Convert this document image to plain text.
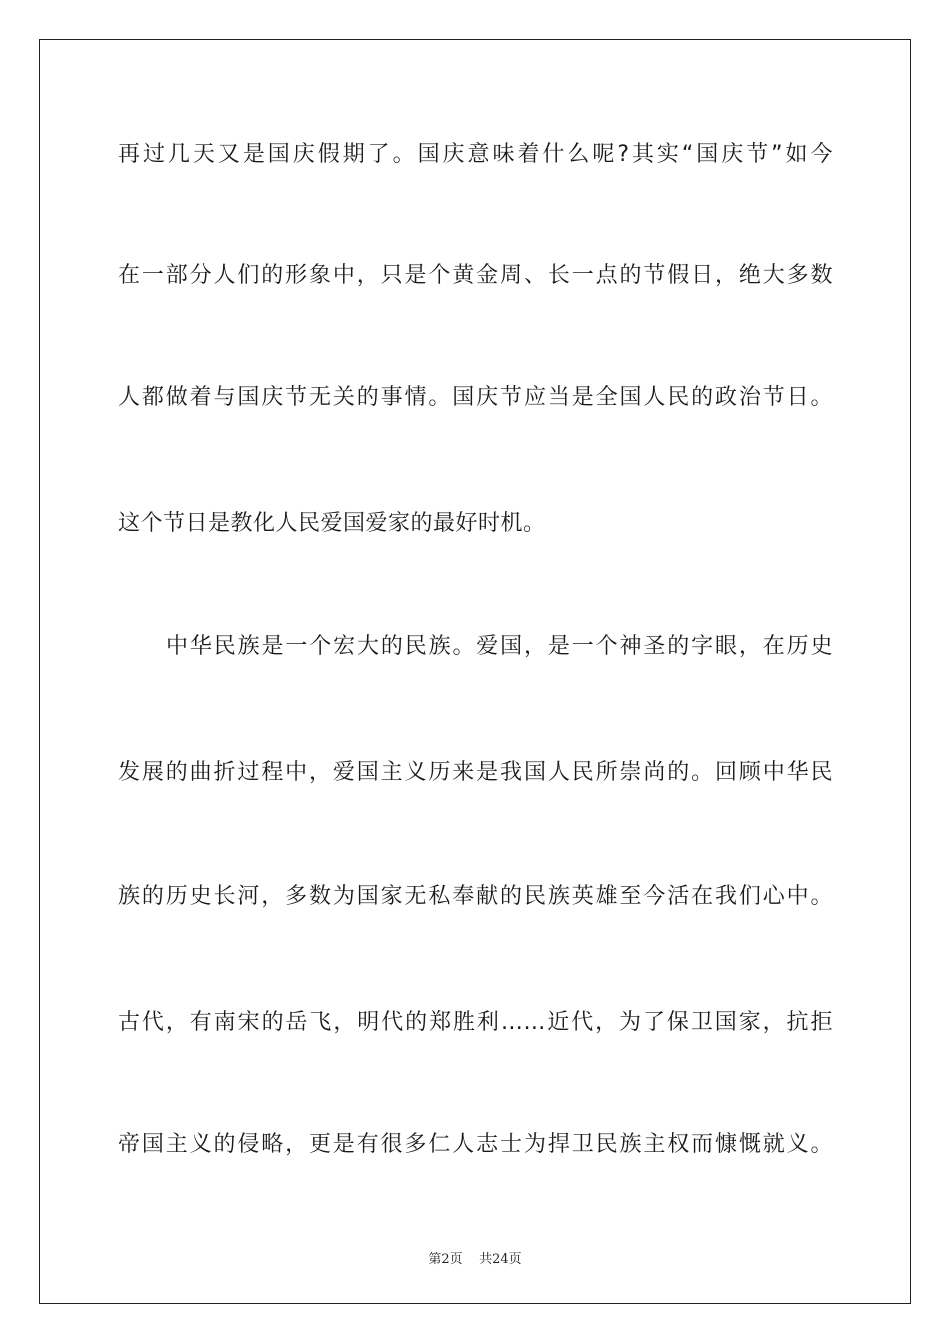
再过几天又是国庆假期了。国庆意味着什么呢?其实“国庆节”如今
在一部分人们的形象中，只是个黄金周、长一点的节假日，绝大多数
人都做着与国庆节无关的事情。国庆节应当是全国人民的政治节日。
这个节日是教化人民爱国爱家的最好时机。
中华民族是一个宏大的民族。爱国，是一个神圣的字眼，在历史
发展的曲折过程中，爱国主义历来是我国人民所崇尚的。回顾中华民
族的历史长河，多数为国家无私奉献的民族英雄至今活在我们心中。
古代，有南宋的岳飞，明代的郑胜利……近代，为了保卫国家，抗拒
帝国主义的侵略，更是有很多仁人志士为捍卫民族主权而慷慨就义。
第2页 共24页
